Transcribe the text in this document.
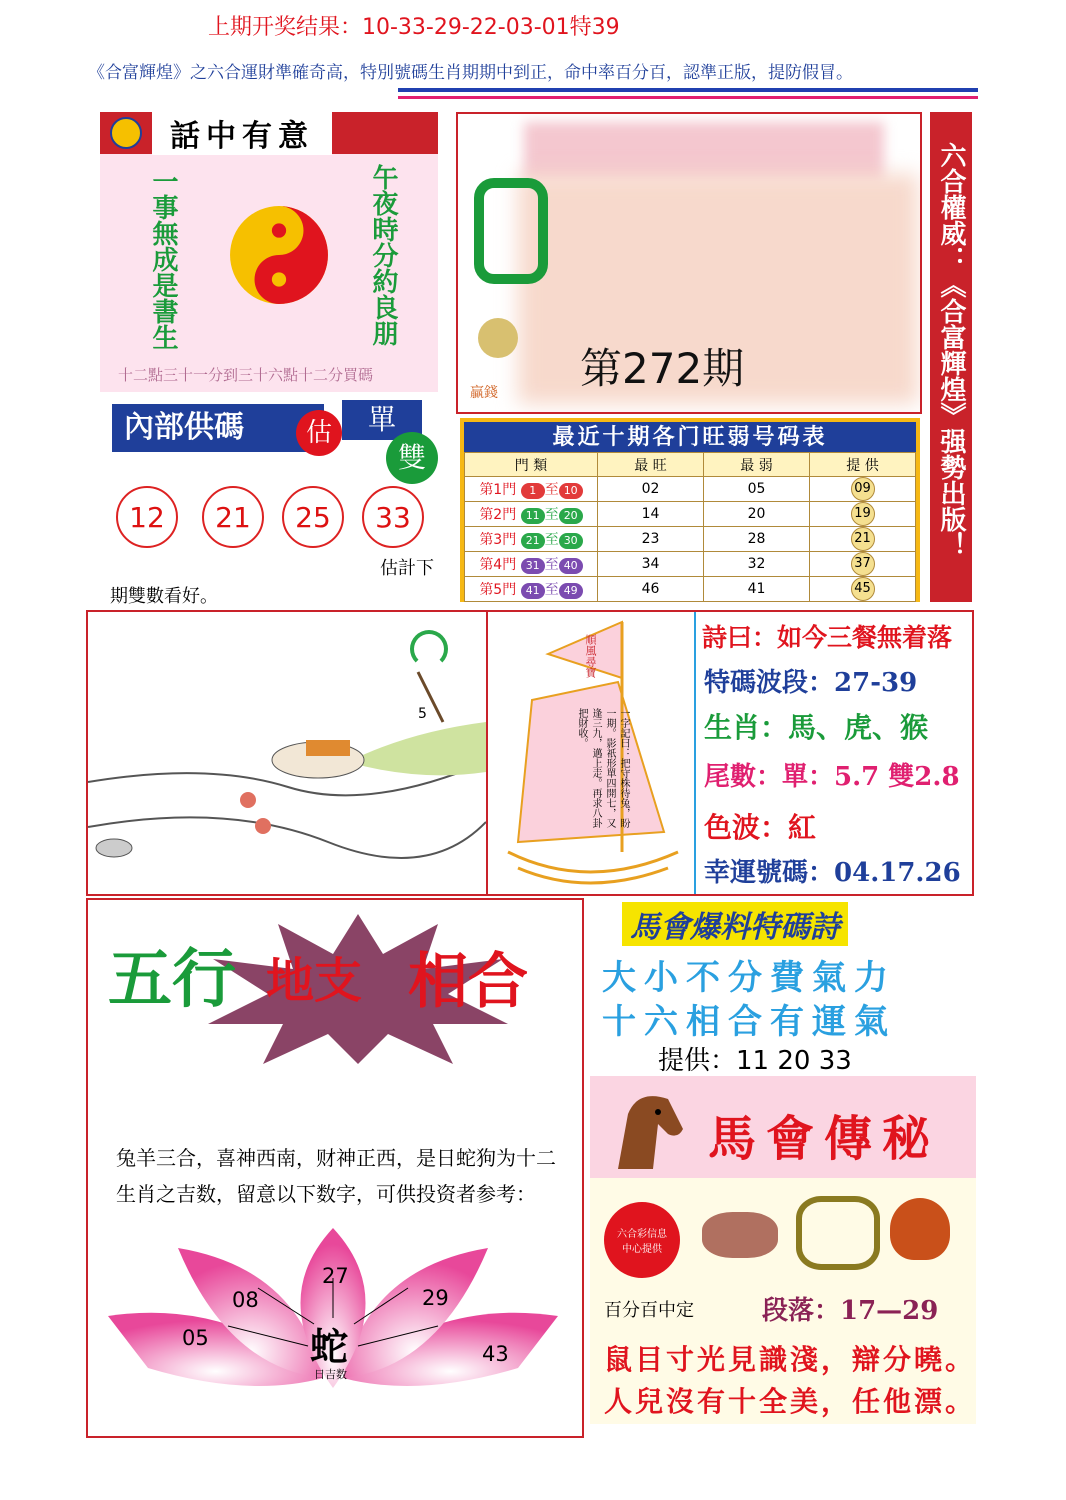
上期开奖结果：10-33-29-22-03-01特39
《合富輝煌》之六合運財準確奇高，特別號碼生肖期期中到正，命中率百分百，認準正版，提防假冒。
話中有意
一事無成是書生	午夜時分約良朋
十二點三十一分到三十六點十二分買碼
內部供碼	估	單
雙
12	21	25	33
估計下
期雙數看好。
贏錢 第272期	六合權威：《合富輝煌》强勢出版！
最近十期各门旺弱号码表
門 類	最 旺	最 弱	提 供
第1門 1 至 10	02	05	09
第2門 11 至 20	14	20	19
第3門 21 至 30	23	28	21
第4門 31 至 40	34	32	37
第5門 41 至 49	46	41	45
5
順風尋寶
一字記曰：把守株待兔，盼一期。影祇形單四開七，又逢三九，邁上走。再求八卦把財收。
詩曰：如今三餐無着落
特碼波段：27-39
生肖：馬、虎、猴
尾數：單：5.7 雙2.8
色波：紅
幸運號碼：04.17.26
五行 地支 相合
兔羊三合，喜神西南，财神正西，是日蛇狗为十二生肖之吉数，留意以下数字，可供投资者参考：
05
08
27
29
43
蛇
日吉数
馬會爆料特碼詩
大小不分費氣力
十六相合有運氣
提供：11 20 33
馬會傳秘
六合彩信息中心提供
百分百中定	段落：17—29
鼠目寸光見識淺，辯分曉。
人兒沒有十全美，任他漂。
